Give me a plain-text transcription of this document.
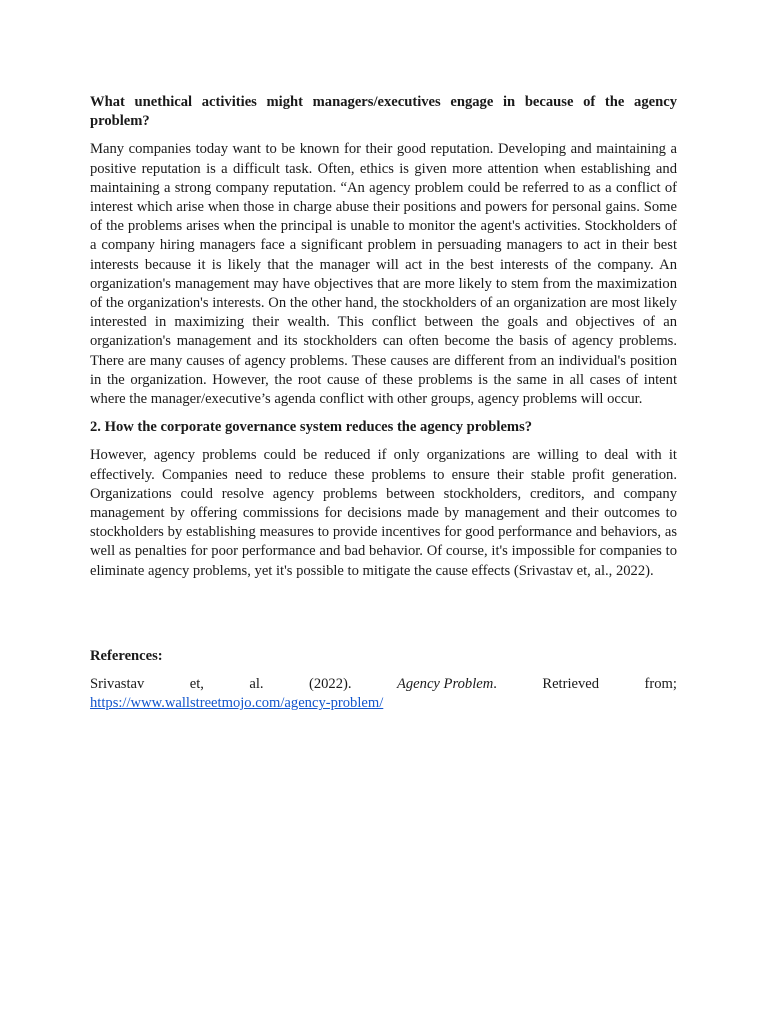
What unethical activities might managers/executives engage in because of the agency problem?

Many companies today want to be known for their good reputation. Developing and maintaining a positive reputation is a difficult task. Often, ethics is given more attention when establishing and maintaining a strong company reputation. “An agency problem could be referred to as a conflict of interest which arise when those in charge abuse their positions and powers for personal gains. Some of the problems arises when the principal is unable to monitor the agent's activities. Stockholders of a company hiring managers face a significant problem in persuading managers to act in their best interests because it is likely that the manager will act in the best interests of the company. An organization's management may have objectives that are more likely to stem from the maximization of the organization's interests. On the other hand, the stockholders of an organization are most likely interested in maximizing their wealth. This conflict between the goals and objectives of an organization's management and its stockholders can often become the basis of agency problems. There are many causes of agency problems. These causes are different from an individual's position in the organization. However, the root cause of these problems is the same in all cases of intent where the manager/executive’s agenda conflict with other groups, agency problems will occur.

2. How the corporate governance system reduces the agency problems?

However, agency problems could be reduced if only organizations are willing to deal with it effectively. Companies need to reduce these problems to ensure their stable profit generation. Organizations could resolve agency problems between stockholders, creditors, and company management by offering commissions for decisions made by management and their outcomes to stockholders by establishing measures to provide incentives for good performance and behaviors, as well as penalties for poor performance and bad behavior. Of course, it's impossible for companies to eliminate agency problems, yet it's possible to mitigate the cause effects (Srivastav et, al., 2022).

References:

Srivastav	et,	al.	(2022).	Agency Problem.	Retrieved	from;

https://www.wallstreetmojo.com/agency-problem/
